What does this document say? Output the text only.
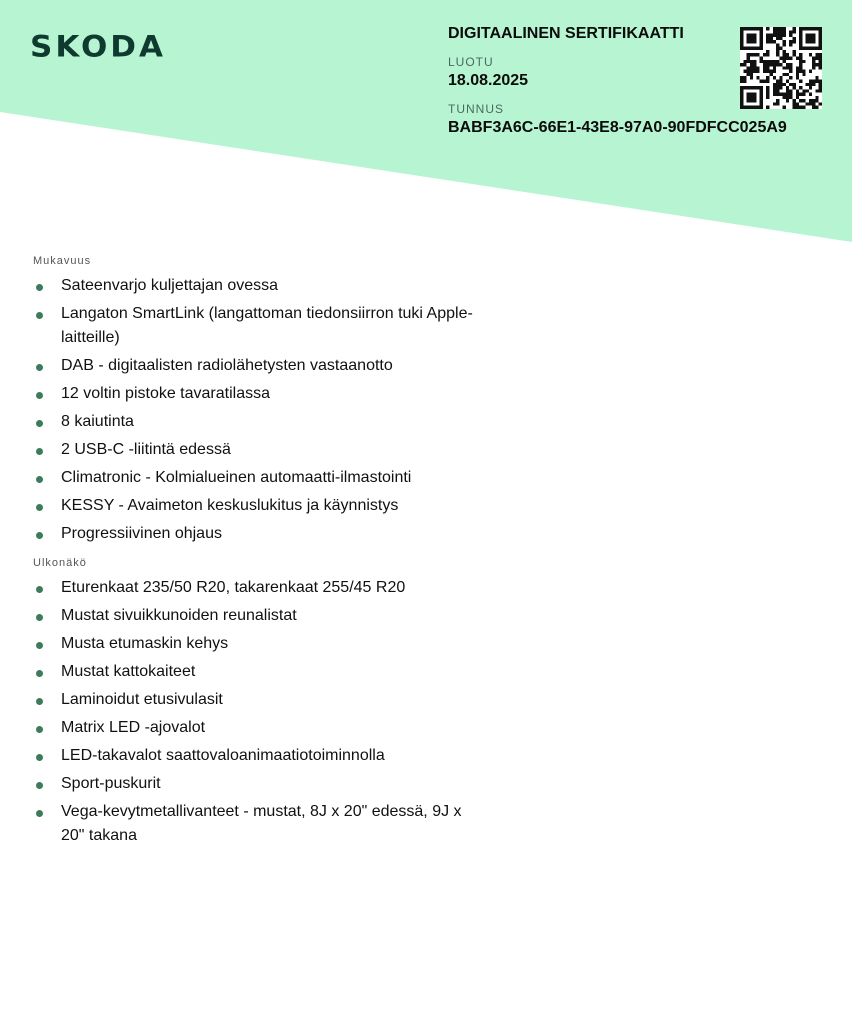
SKODA	DIGITAALINEN SERTIFIKAATTI
LUOTU
18.08.2025
TUNNUS
BABF3A6C-66E1-43E8-97A0-90FDFCC025A9
Mukavuus
Sateenvarjo kuljettajan ovessa
Langaton SmartLink (langattoman tiedonsiirron tuki Apple-laitteille)
DAB - digitaalisten radiolähetysten vastaanotto
12 voltin pistoke tavaratilassa
8 kaiutinta
2 USB-C -liitintä edessä
Climatronic - Kolmialueinen automaatti-ilmastointi
KESSY - Avaimeton keskuslukitus ja käynnistys
Progressiivinen ohjaus
Ulkonäkö
Eturenkaat 235/50 R20, takarenkaat 255/45 R20
Mustat sivuikkunoiden reunalistat
Musta etumaskin kehys
Mustat kattokaiteet
Laminoidut etusivulasit
Matrix LED -ajovalot
LED-takavalot saattovaloanimaatiotoiminnolla
Sport-puskurit
Vega-kevytmetallivanteet - mustat, 8J x 20" edessä, 9J x 20" takana
